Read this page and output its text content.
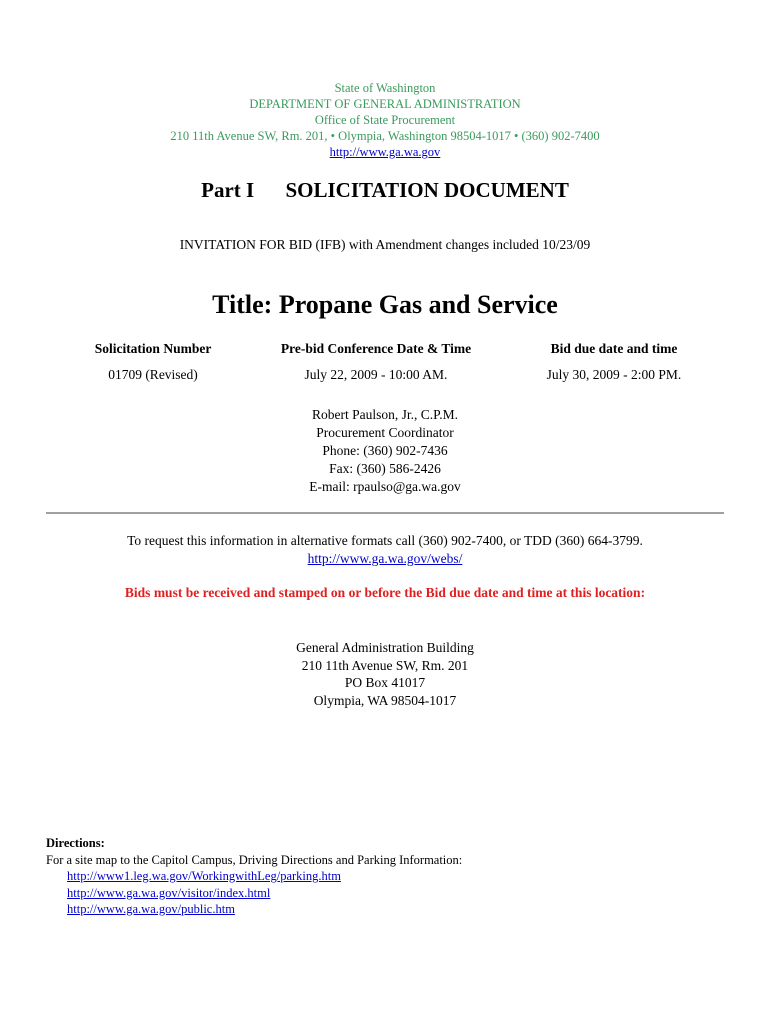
State of Washington
DEPARTMENT OF GENERAL ADMINISTRATION
Office of State Procurement
210 11th Avenue SW, Rm. 201, • Olympia, Washington 98504-1017 • (360) 902-7400
http://www.ga.wa.gov
Part I SOLICITATION DOCUMENT
INVITATION FOR BID (IFB) with Amendment changes included 10/23/09
Title: Propane Gas and Service
Solicitation Number
01709 (Revised)
Pre-bid Conference Date & Time
July 22, 2009 - 10:00 AM.
Bid due date and time
July 30, 2009 - 2:00 PM.
Robert Paulson, Jr., C.P.M.
Procurement Coordinator
Phone: (360) 902-7436
Fax: (360) 586-2426
E-mail: rpaulso@ga.wa.gov
To request this information in alternative formats call (360) 902-7400, or TDD (360) 664-3799.
http://www.ga.wa.gov/webs/
Bids must be received and stamped on or before the Bid due date and time at this location:
General Administration Building
210 11th Avenue SW, Rm. 201
PO Box 41017
Olympia, WA 98504-1017
Directions:
For a site map to the Capitol Campus, Driving Directions and Parking Information:
http://www1.leg.wa.gov/WorkingwithLeg/parking.htm
http://www.ga.wa.gov/visitor/index.html
http://www.ga.wa.gov/public.htm
